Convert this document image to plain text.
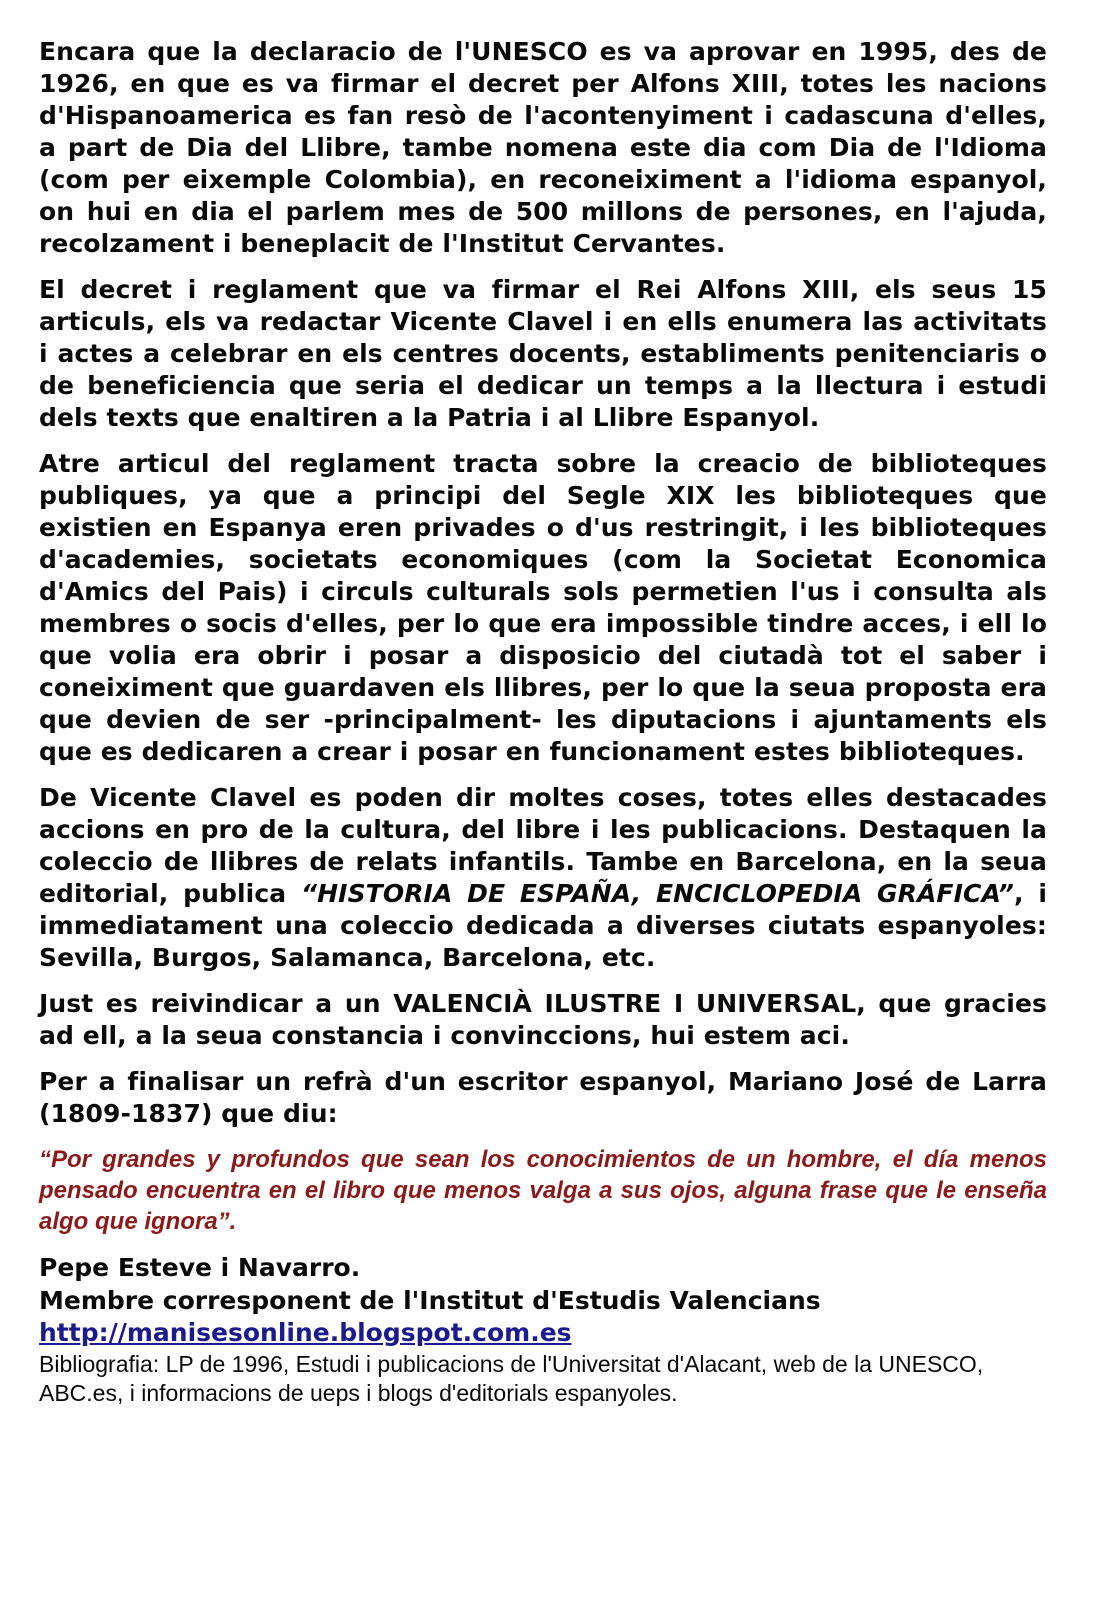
Encara que la declaracio de l'UNESCO es va aprovar en 1995, des de 1926, en que es va firmar el decret per Alfons XIII, totes les nacions d'Hispanoamerica es fan resò de l'acontenyiment i cadascuna d'elles, a part de Dia del Llibre, tambe nomena este dia com Dia de l'Idioma (com per eixemple Colombia), en reconeiximent a l'idioma espanyol, on hui en dia el parlem mes de 500 millons de persones, en l'ajuda, recolzament i beneplacit de l'Institut Cervantes.

El decret i reglament que va firmar el Rei Alfons XIII, els seus 15 articuls, els va redactar Vicente Clavel i en ells enumera las activitats i actes a celebrar en els centres docents, establiments penitenciaris o de beneficiencia que seria el dedicar un temps a la llectura i estudi dels texts que enaltiren a la Patria i al Llibre Espanyol.

Atre articul del reglament tracta sobre la creacio de biblioteques publiques, ya que a principi del Segle XIX les biblioteques que existien en Espanya eren privades o d'us restringit, i les biblioteques d'academies, societats economiques (com la Societat Economica d'Amics del Pais) i circuls culturals sols permetien l'us i consulta als membres o socis d'elles, per lo que era impossible tindre acces, i ell lo que volia era obrir i posar a disposicio del ciutadà tot el saber i coneiximent que guardaven els llibres, per lo que la seua proposta era que devien de ser -principalment- les diputacions i ajuntaments els que es dedicaren a crear i posar en funcionament estes biblioteques.

De Vicente Clavel es poden dir moltes coses, totes elles destacades accions en pro de la cultura, del libre i les publicacions. Destaquen la coleccio de llibres de relats infantils. Tambe en Barcelona, en la seua editorial, publica “HISTORIA DE ESPAÑA, ENCICLOPEDIA GRÁFICA”, i immediatament una coleccio dedicada a diverses ciutats espanyoles: Sevilla, Burgos, Salamanca, Barcelona, etc.

Just es reivindicar a un VALENCIÀ ILUSTRE I UNIVERSAL, que gracies ad ell, a la seua constancia i convinccions, hui estem aci.

Per a finalisar un refrà d'un escritor espanyol, Mariano José de Larra (1809-1837) que diu:

“Por grandes y profundos que sean los conocimientos de un hombre, el día menos pensado encuentra en el libro que menos valga a sus ojos, alguna frase que le enseña algo que ignora”.

Pepe Esteve i Navarro.

Membre corresponent de l'Institut d'Estudis Valencians

http://manisesonline.blogspot.com.es

Bibliografia: LP de 1996, Estudi i publicacions de l'Universitat d'Alacant, web de la UNESCO, ABC.es, i informacions de ueps i blogs d'editorials espanyoles.
